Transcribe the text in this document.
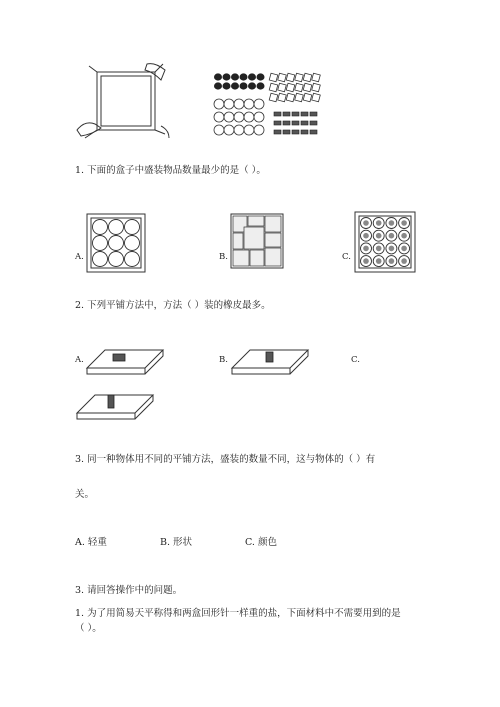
1. 下面的盒子中盛装物品数量最少的是（ ）。
A.	B.	C.
2. 下列平铺方法中，方法（ ）装的橡皮最多。
A.	B.	C.
3. 同一种物体用不同的平铺方法，盛装的数量不同，这与物体的（ ）有
关。
A. 轻重	B. 形状	C. 颜色
3. 请回答操作中的问题。
1. 为了用简易天平称得和两盒回形针一样重的盐，下面材料中不需要用到的是
（ ）。
